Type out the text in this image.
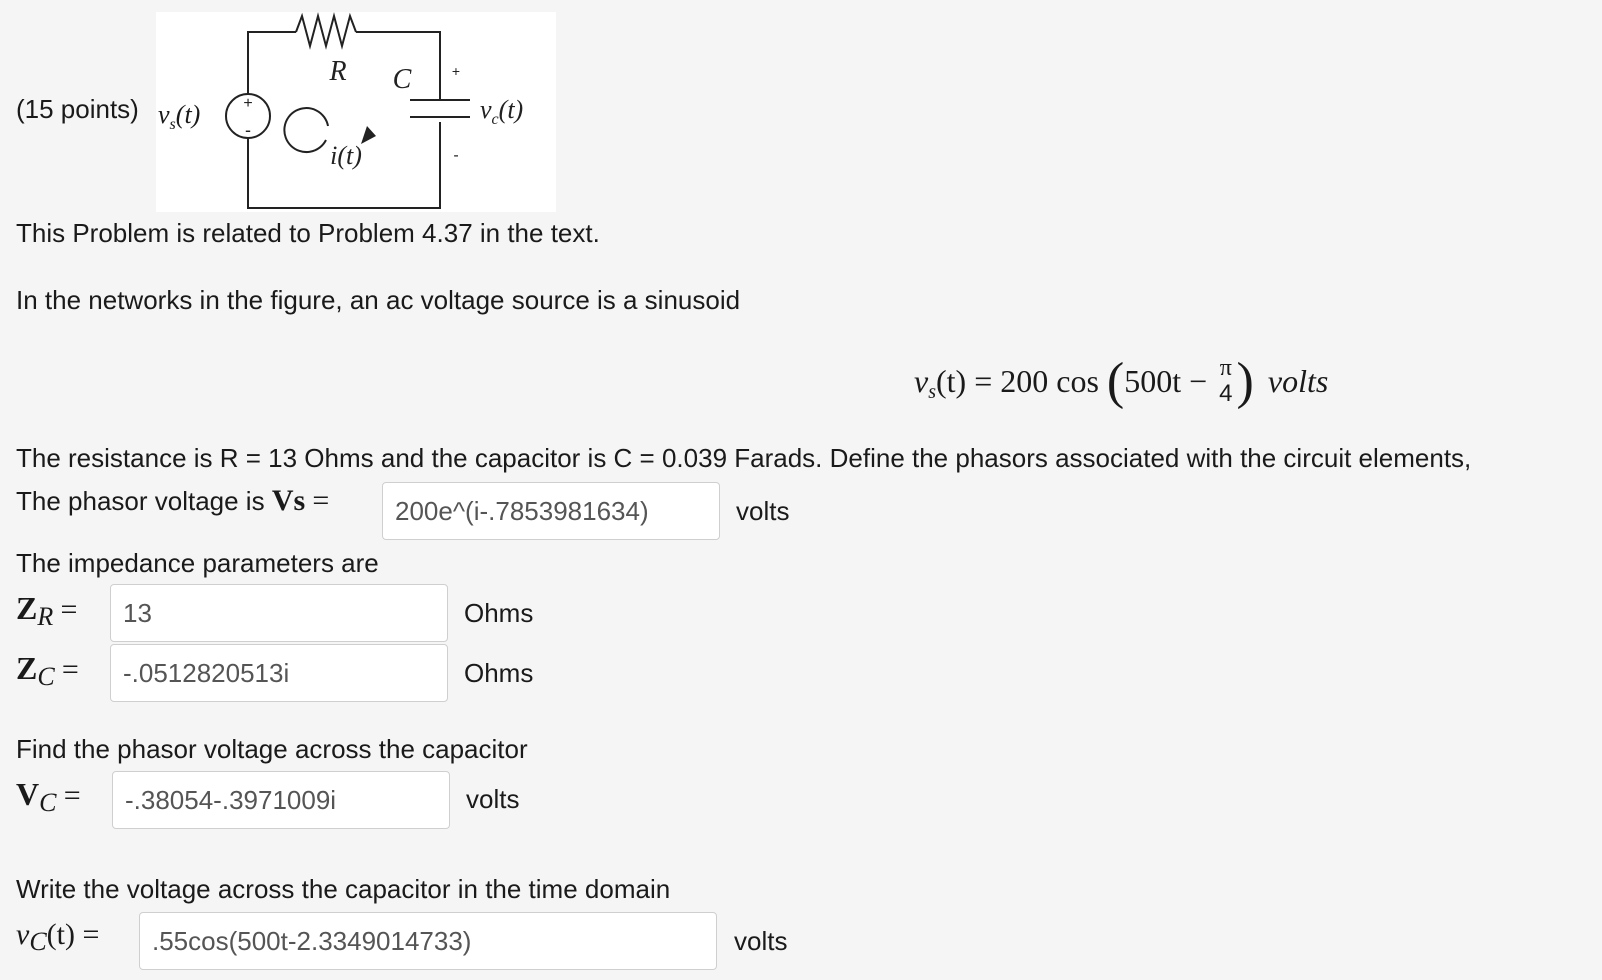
(15 points)	+
-
R C	+
-
i(t)
$v_c(t)$
$v_s(t)$
This Problem is related to Problem 4.37 in the text.
In the networks in the figure, an ac voltage source is a sinusoid
vs(t) = 200 cos (500t − π
4 ) volts
The resistance is R = 13 Ohms and the capacitor is C = 0.039 Farads. Define the phasors associated with the circuit elements,
The phasor voltage is Vs =
200e^(i-.7853981634)	volts
The impedance parameters are
ZR =
13	Ohms
ZC =
-.0512820513i	Ohms
Find the phasor voltage across the capacitor
VC =
-.38054-.3971009i	volts
Write the voltage across the capacitor in the time domain
vC(t) =
.55cos(500t-2.3349014733)	volts
